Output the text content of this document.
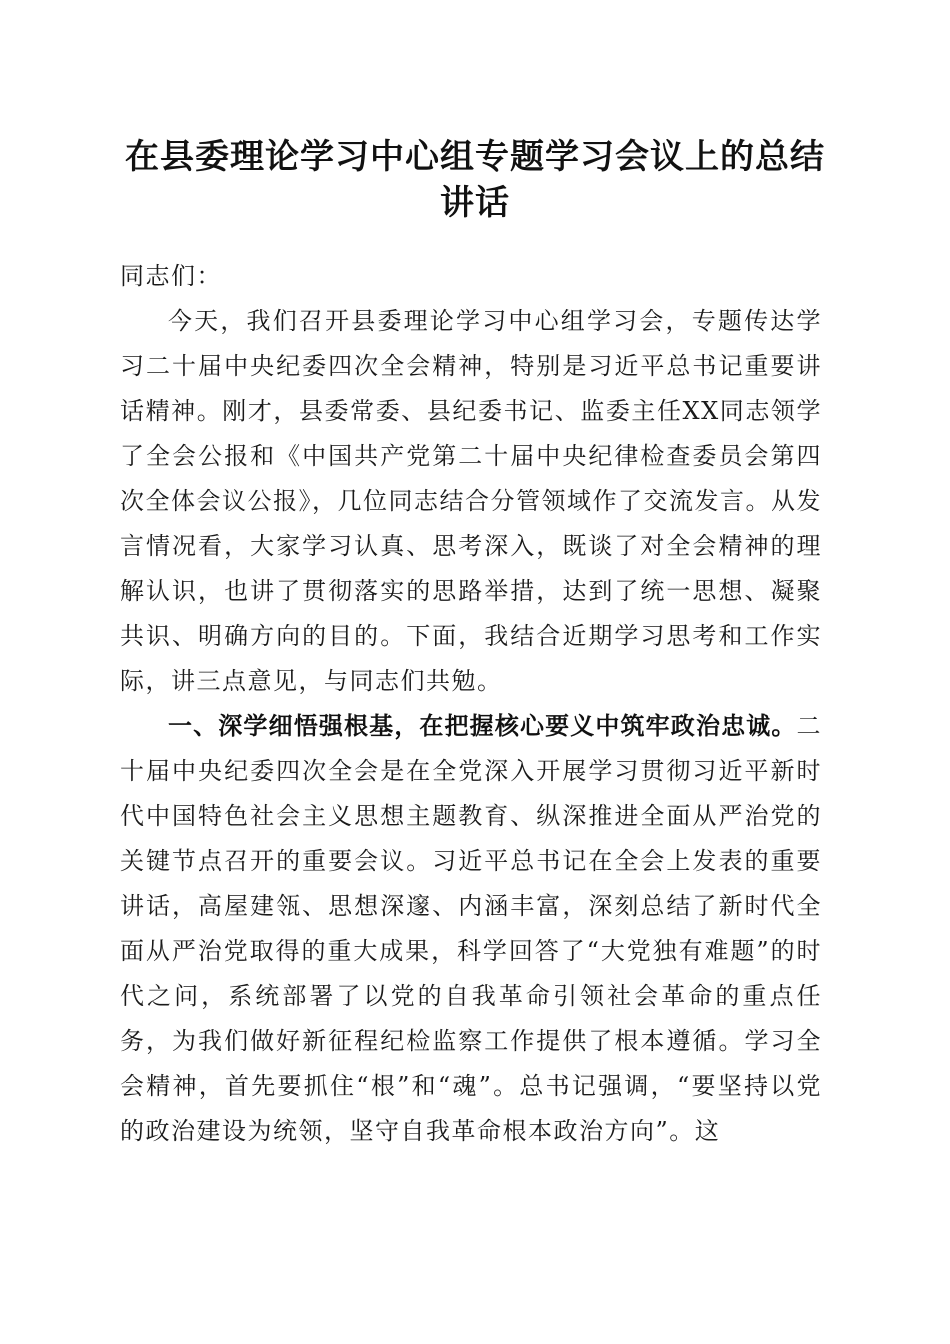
在县委理论学习中心组专题学习会议上的总结讲话

同志们：

今天，我们召开县委理论学习中心组学习会，专题传达学习二十届中央纪委四次全会精神，特别是习近平总书记重要讲话精神。刚才，县委常委、县纪委书记、监委主任XX同志领学了全会公报和《中国共产党第二十届中央纪律检查委员会第四次全体会议公报》，几位同志结合分管领域作了交流发言。从发言情况看，大家学习认真、思考深入，既谈了对全会精神的理解认识，也讲了贯彻落实的思路举措，达到了统一思想、凝聚共识、明确方向的目的。下面，我结合近期学习思考和工作实际，讲三点意见，与同志们共勉。

一、深学细悟强根基，在把握核心要义中筑牢政治忠诚。二十届中央纪委四次全会是在全党深入开展学习贯彻习近平新时代中国特色社会主义思想主题教育、纵深推进全面从严治党的关键节点召开的重要会议。习近平总书记在全会上发表的重要讲话，高屋建瓴、思想深邃、内涵丰富，深刻总结了新时代全面从严治党取得的重大成果，科学回答了“大党独有难题”的时代之问，系统部署了以党的自我革命引领社会革命的重点任务，为我们做好新征程纪检监察工作提供了根本遵循。学习全会精神，首先要抓住“根”和“魂”。总书记强调，“要坚持以党的政治建设为统领，坚守自我革命根本政治方向”。这
